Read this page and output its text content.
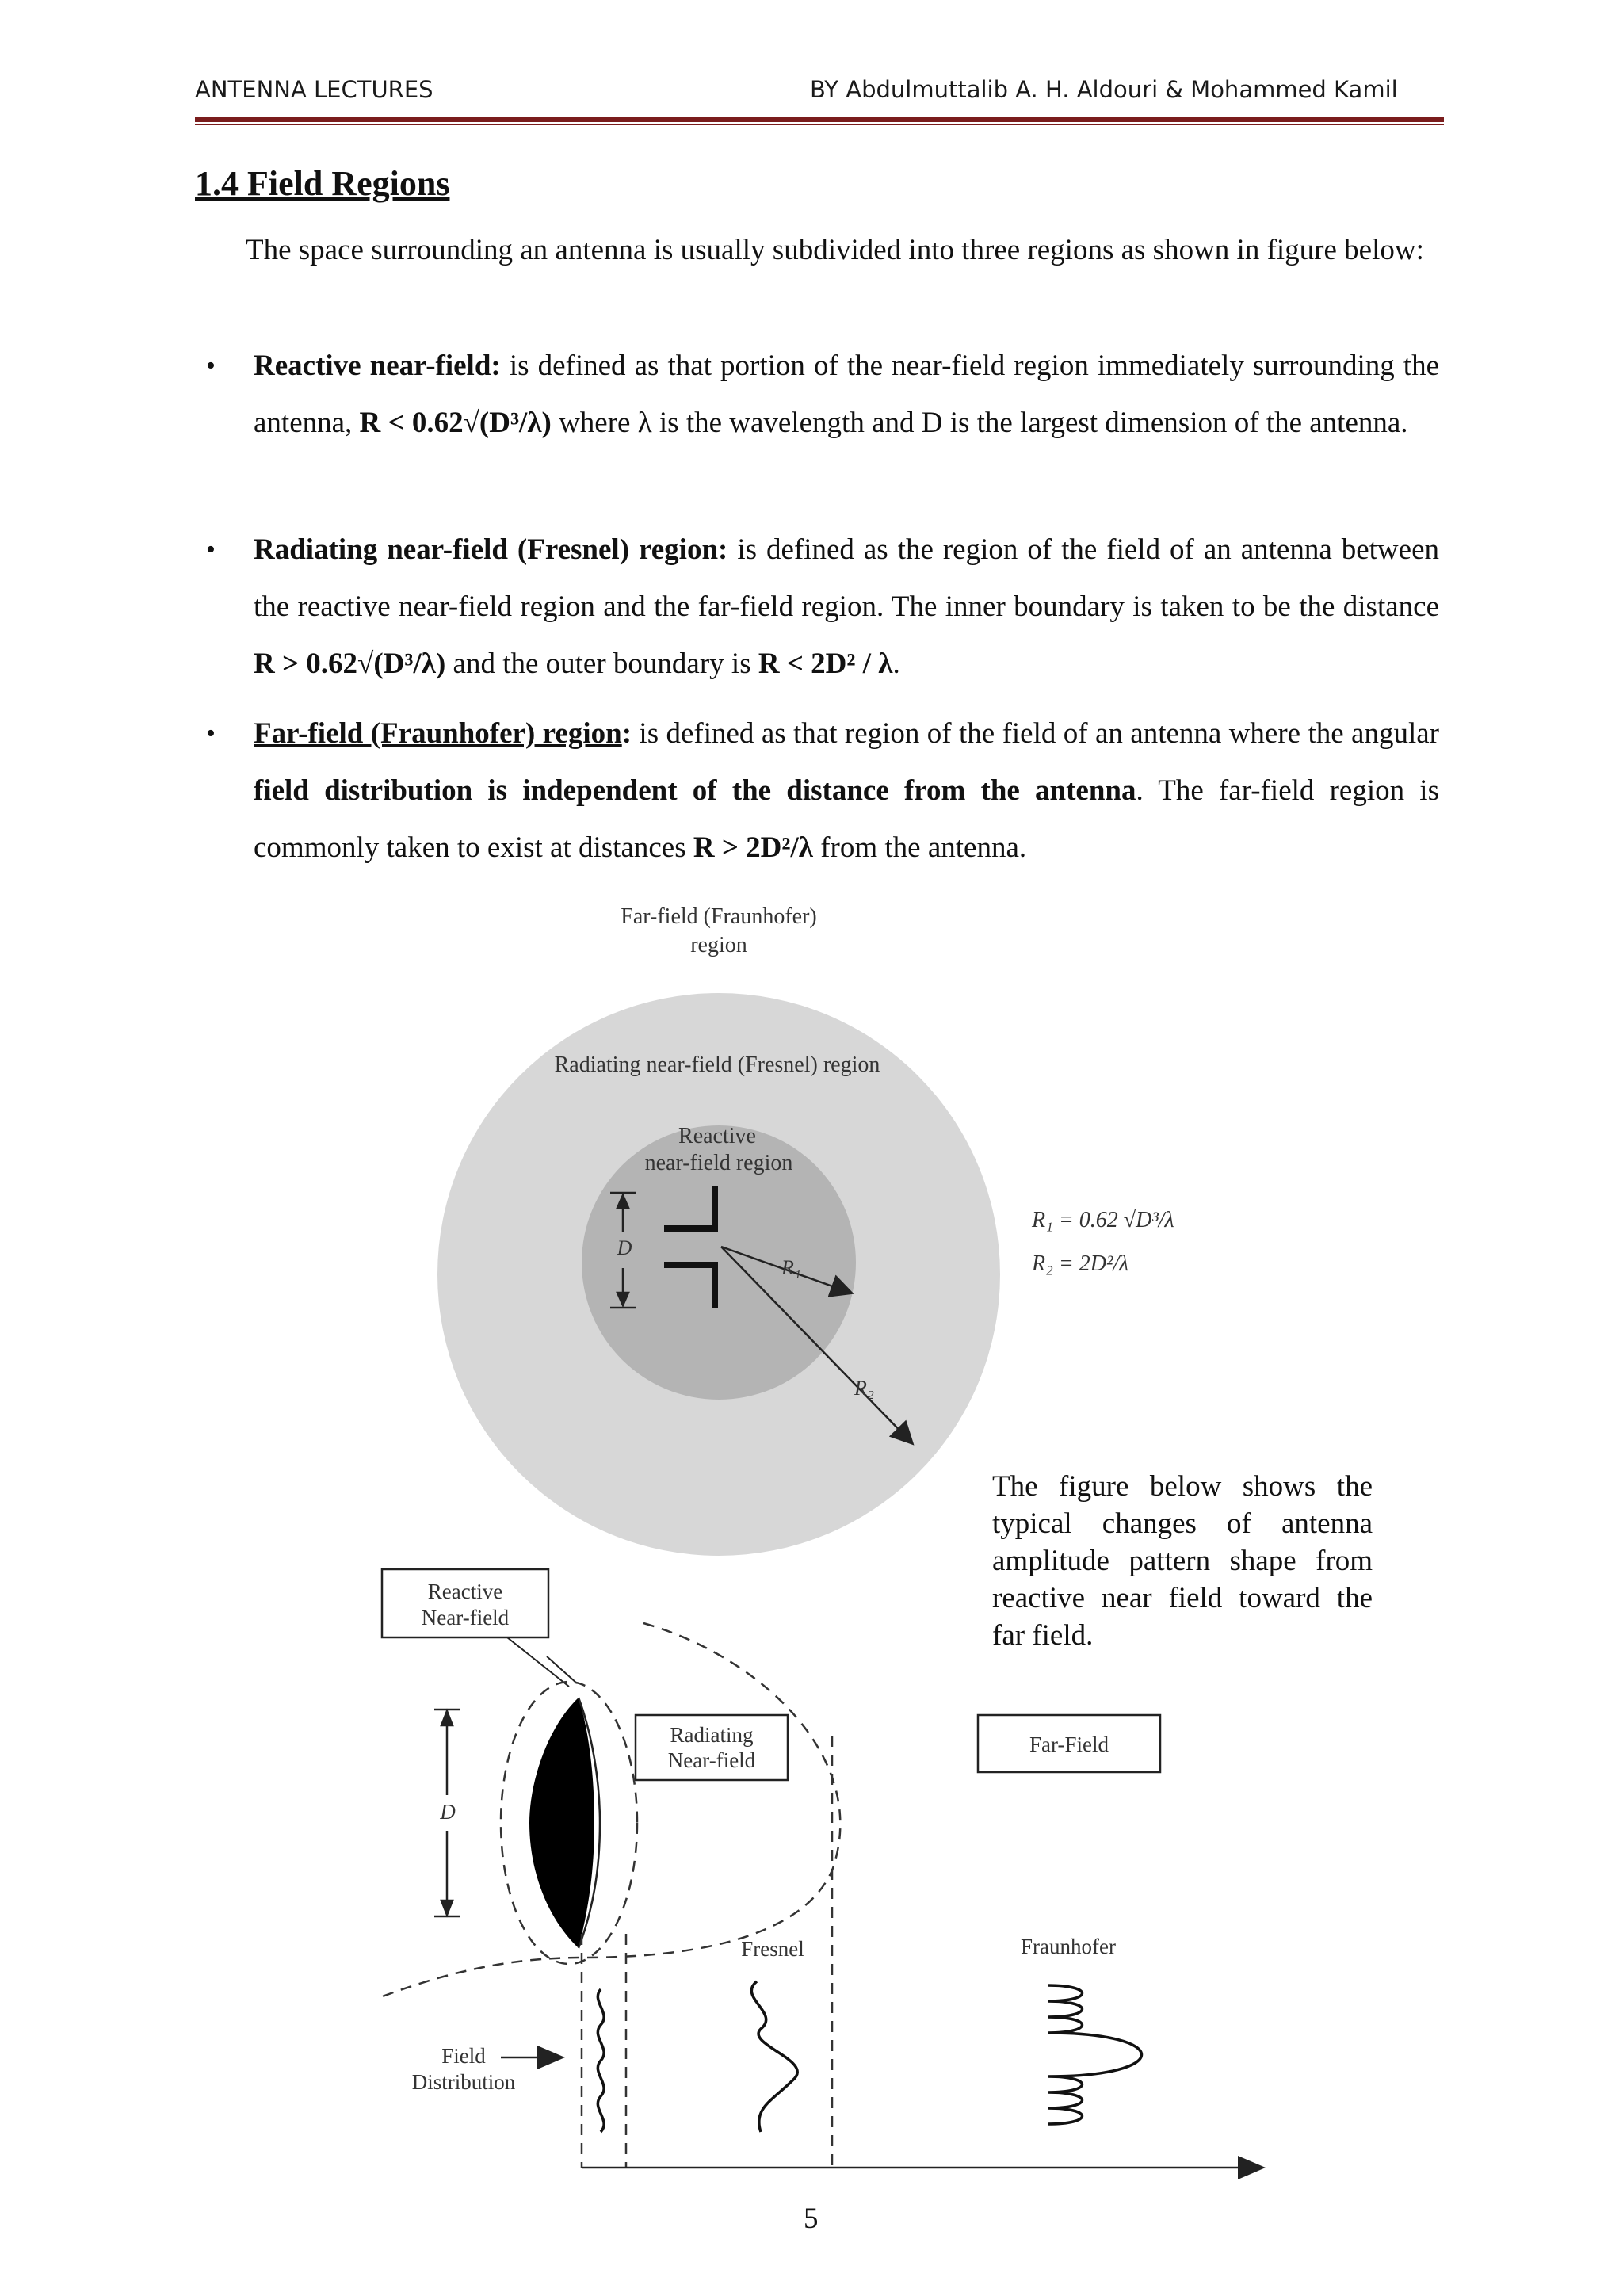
ANTENNA LECTURES	BY Abdulmuttalib A. H. Aldouri & Mohammed Kamil
1.4 Field Regions
The space surrounding an antenna is usually subdivided into three regions as shown in figure below:
• Reactive near-field: is defined as that portion of the near-field region immediately surrounding the antenna, R < 0.62√(D³/λ) where λ is the wavelength and D is the largest dimension of the antenna.
• Radiating near-field (Fresnel) region: is defined as the region of the field of an antenna between the reactive near-field region and the far-field region. The inner boundary is taken to be the distance R > 0.62√(D³/λ) and the outer boundary is R < 2D² / λ.
• Far-field (Fraunhofer) region: is defined as that region of the field of an antenna where the angular field distribution is independent of the distance from the antenna. The far-field region is commonly taken to exist at distances R > 2D²/λ from the antenna.
Far-field (Fraunhofer)
region
Radiating near-field (Fresnel) region
Reactive
near-field region
D
R₁
R₂
R₁ = 0.62 √D³/λ
R₂ = 2D²/λ
The figure below shows the typical changes of antenna amplitude pattern shape from reactive near field toward the far field.
Reactive
Near-field
Radiating
Near-field
Far-Field
D
Fresnel	Fraunhofer
Field
Distribution
5
